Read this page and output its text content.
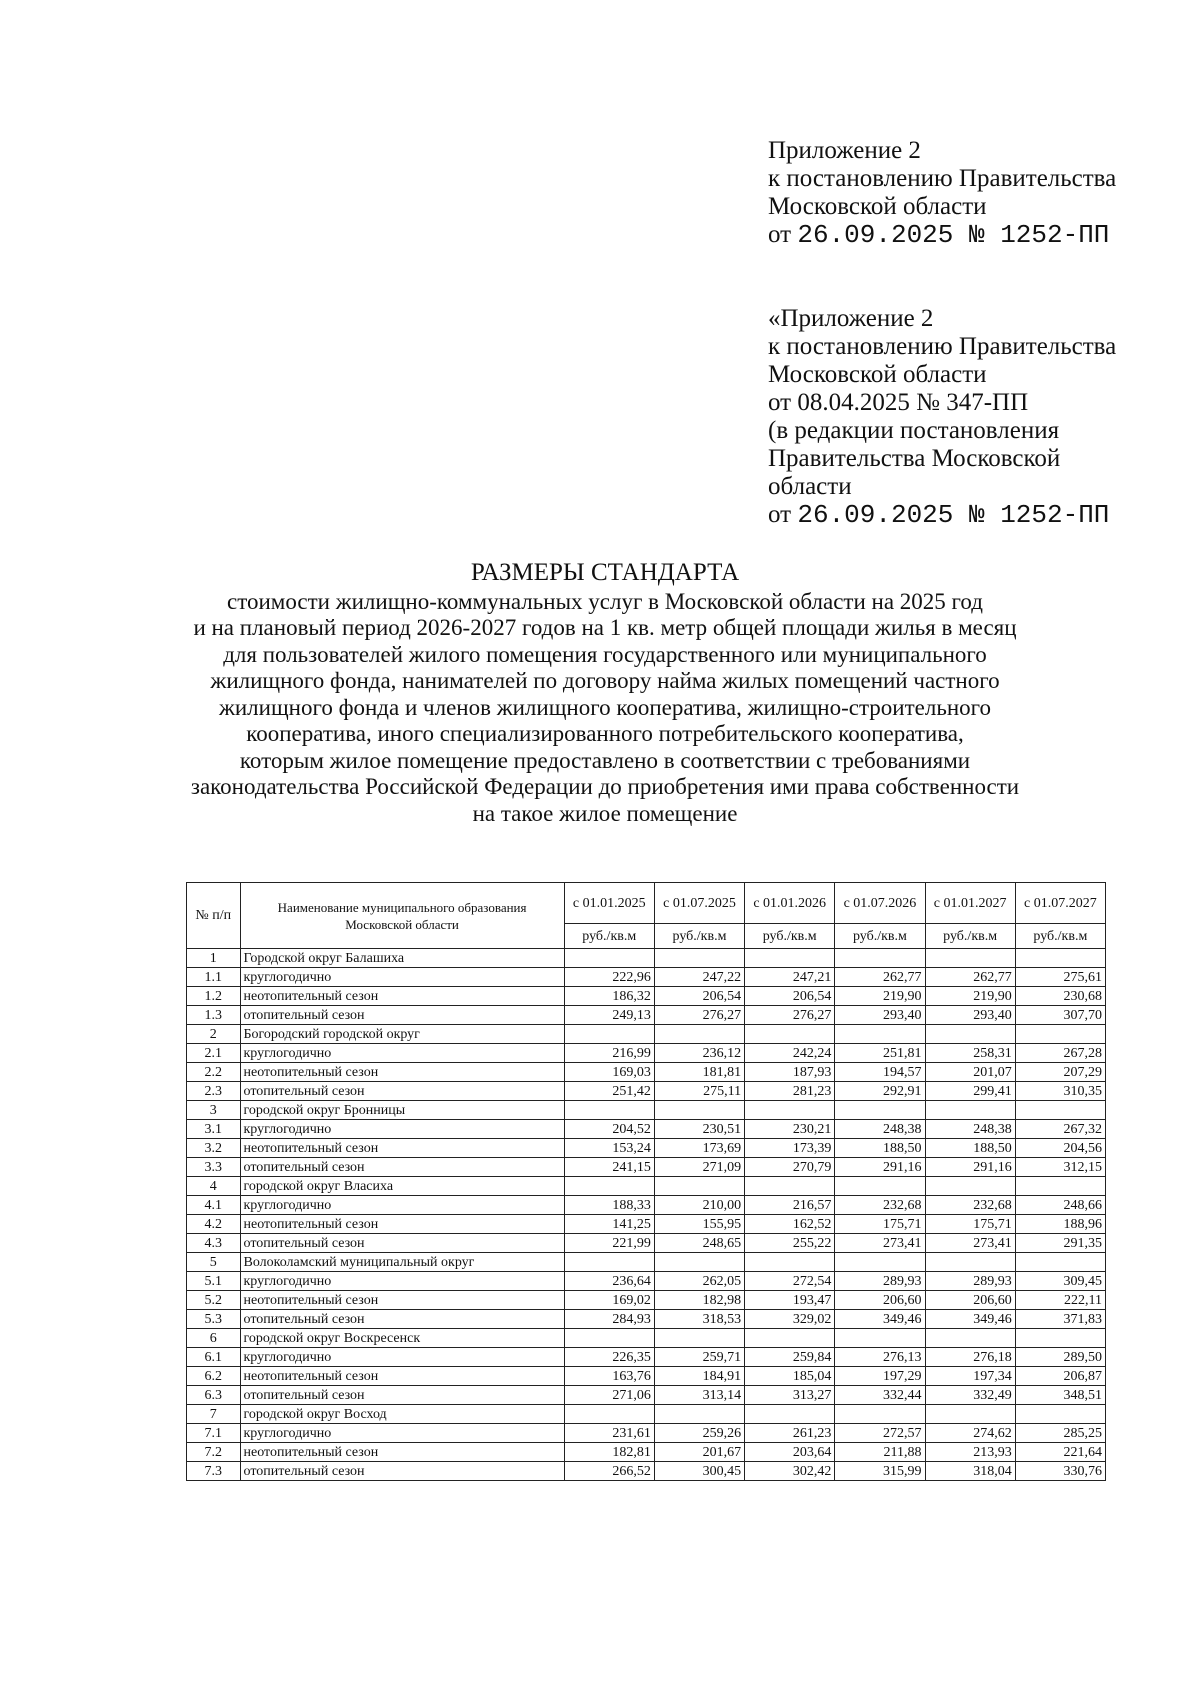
Приложение 2
к постановлению Правительства
Московской области
от 26.09.2025 № 1252-ПП
«Приложение 2
к постановлению Правительства
Московской области
от 08.04.2025 № 347-ПП
(в редакции постановления
Правительства Московской
области
от 26.09.2025 № 1252-ПП
РАЗМЕРЫ СТАНДАРТА
стоимости жилищно-коммунальных услуг в Московской области на 2025 год
и на плановый период 2026-2027 годов на 1 кв. метр общей площади жилья в месяц
для пользователей жилого помещения государственного или муниципального
жилищного фонда, нанимателей по договору найма жилых помещений частного
жилищного фонда и членов жилищного кооператива, жилищно-строительного
кооператива, иного специализированного потребительского кооператива,
которым жилое помещение предоставлено в соответствии с требованиями
законодательства Российской Федерации до приобретения ими права собственности
на такое жилое помещение
№ п/п	Наименование муниципального образования Московской области	с 01.01.2025	с 01.07.2025	с 01.01.2026	с 01.07.2026	с 01.01.2027	с 01.07.2027
		руб./кв.м	руб./кв.м	руб./кв.м	руб./кв.м	руб./кв.м	руб./кв.м
1	Городской округ Балашиха						
1.1	круглогодично	222,96	247,22	247,21	262,77	262,77	275,61
1.2	неотопительный сезон	186,32	206,54	206,54	219,90	219,90	230,68
1.3	отопительный сезон	249,13	276,27	276,27	293,40	293,40	307,70
2	Богородский городской округ						
2.1	круглогодично	216,99	236,12	242,24	251,81	258,31	267,28
2.2	неотопительный сезон	169,03	181,81	187,93	194,57	201,07	207,29
2.3	отопительный сезон	251,42	275,11	281,23	292,91	299,41	310,35
3	городской округ Бронницы						
3.1	круглогодично	204,52	230,51	230,21	248,38	248,38	267,32
3.2	неотопительный сезон	153,24	173,69	173,39	188,50	188,50	204,56
3.3	отопительный сезон	241,15	271,09	270,79	291,16	291,16	312,15
4	городской округ Власиха						
4.1	круглогодично	188,33	210,00	216,57	232,68	232,68	248,66
4.2	неотопительный сезон	141,25	155,95	162,52	175,71	175,71	188,96
4.3	отопительный сезон	221,99	248,65	255,22	273,41	273,41	291,35
5	Волоколамский муниципальный округ						
5.1	круглогодично	236,64	262,05	272,54	289,93	289,93	309,45
5.2	неотопительный сезон	169,02	182,98	193,47	206,60	206,60	222,11
5.3	отопительный сезон	284,93	318,53	329,02	349,46	349,46	371,83
6	городской округ Воскресенск						
6.1	круглогодично	226,35	259,71	259,84	276,13	276,18	289,50
6.2	неотопительный сезон	163,76	184,91	185,04	197,29	197,34	206,87
6.3	отопительный сезон	271,06	313,14	313,27	332,44	332,49	348,51
7	городской округ Восход						
7.1	круглогодично	231,61	259,26	261,23	272,57	274,62	285,25
7.2	неотопительный сезон	182,81	201,67	203,64	211,88	213,93	221,64
7.3	отопительный сезон	266,52	300,45	302,42	315,99	318,04	330,76
